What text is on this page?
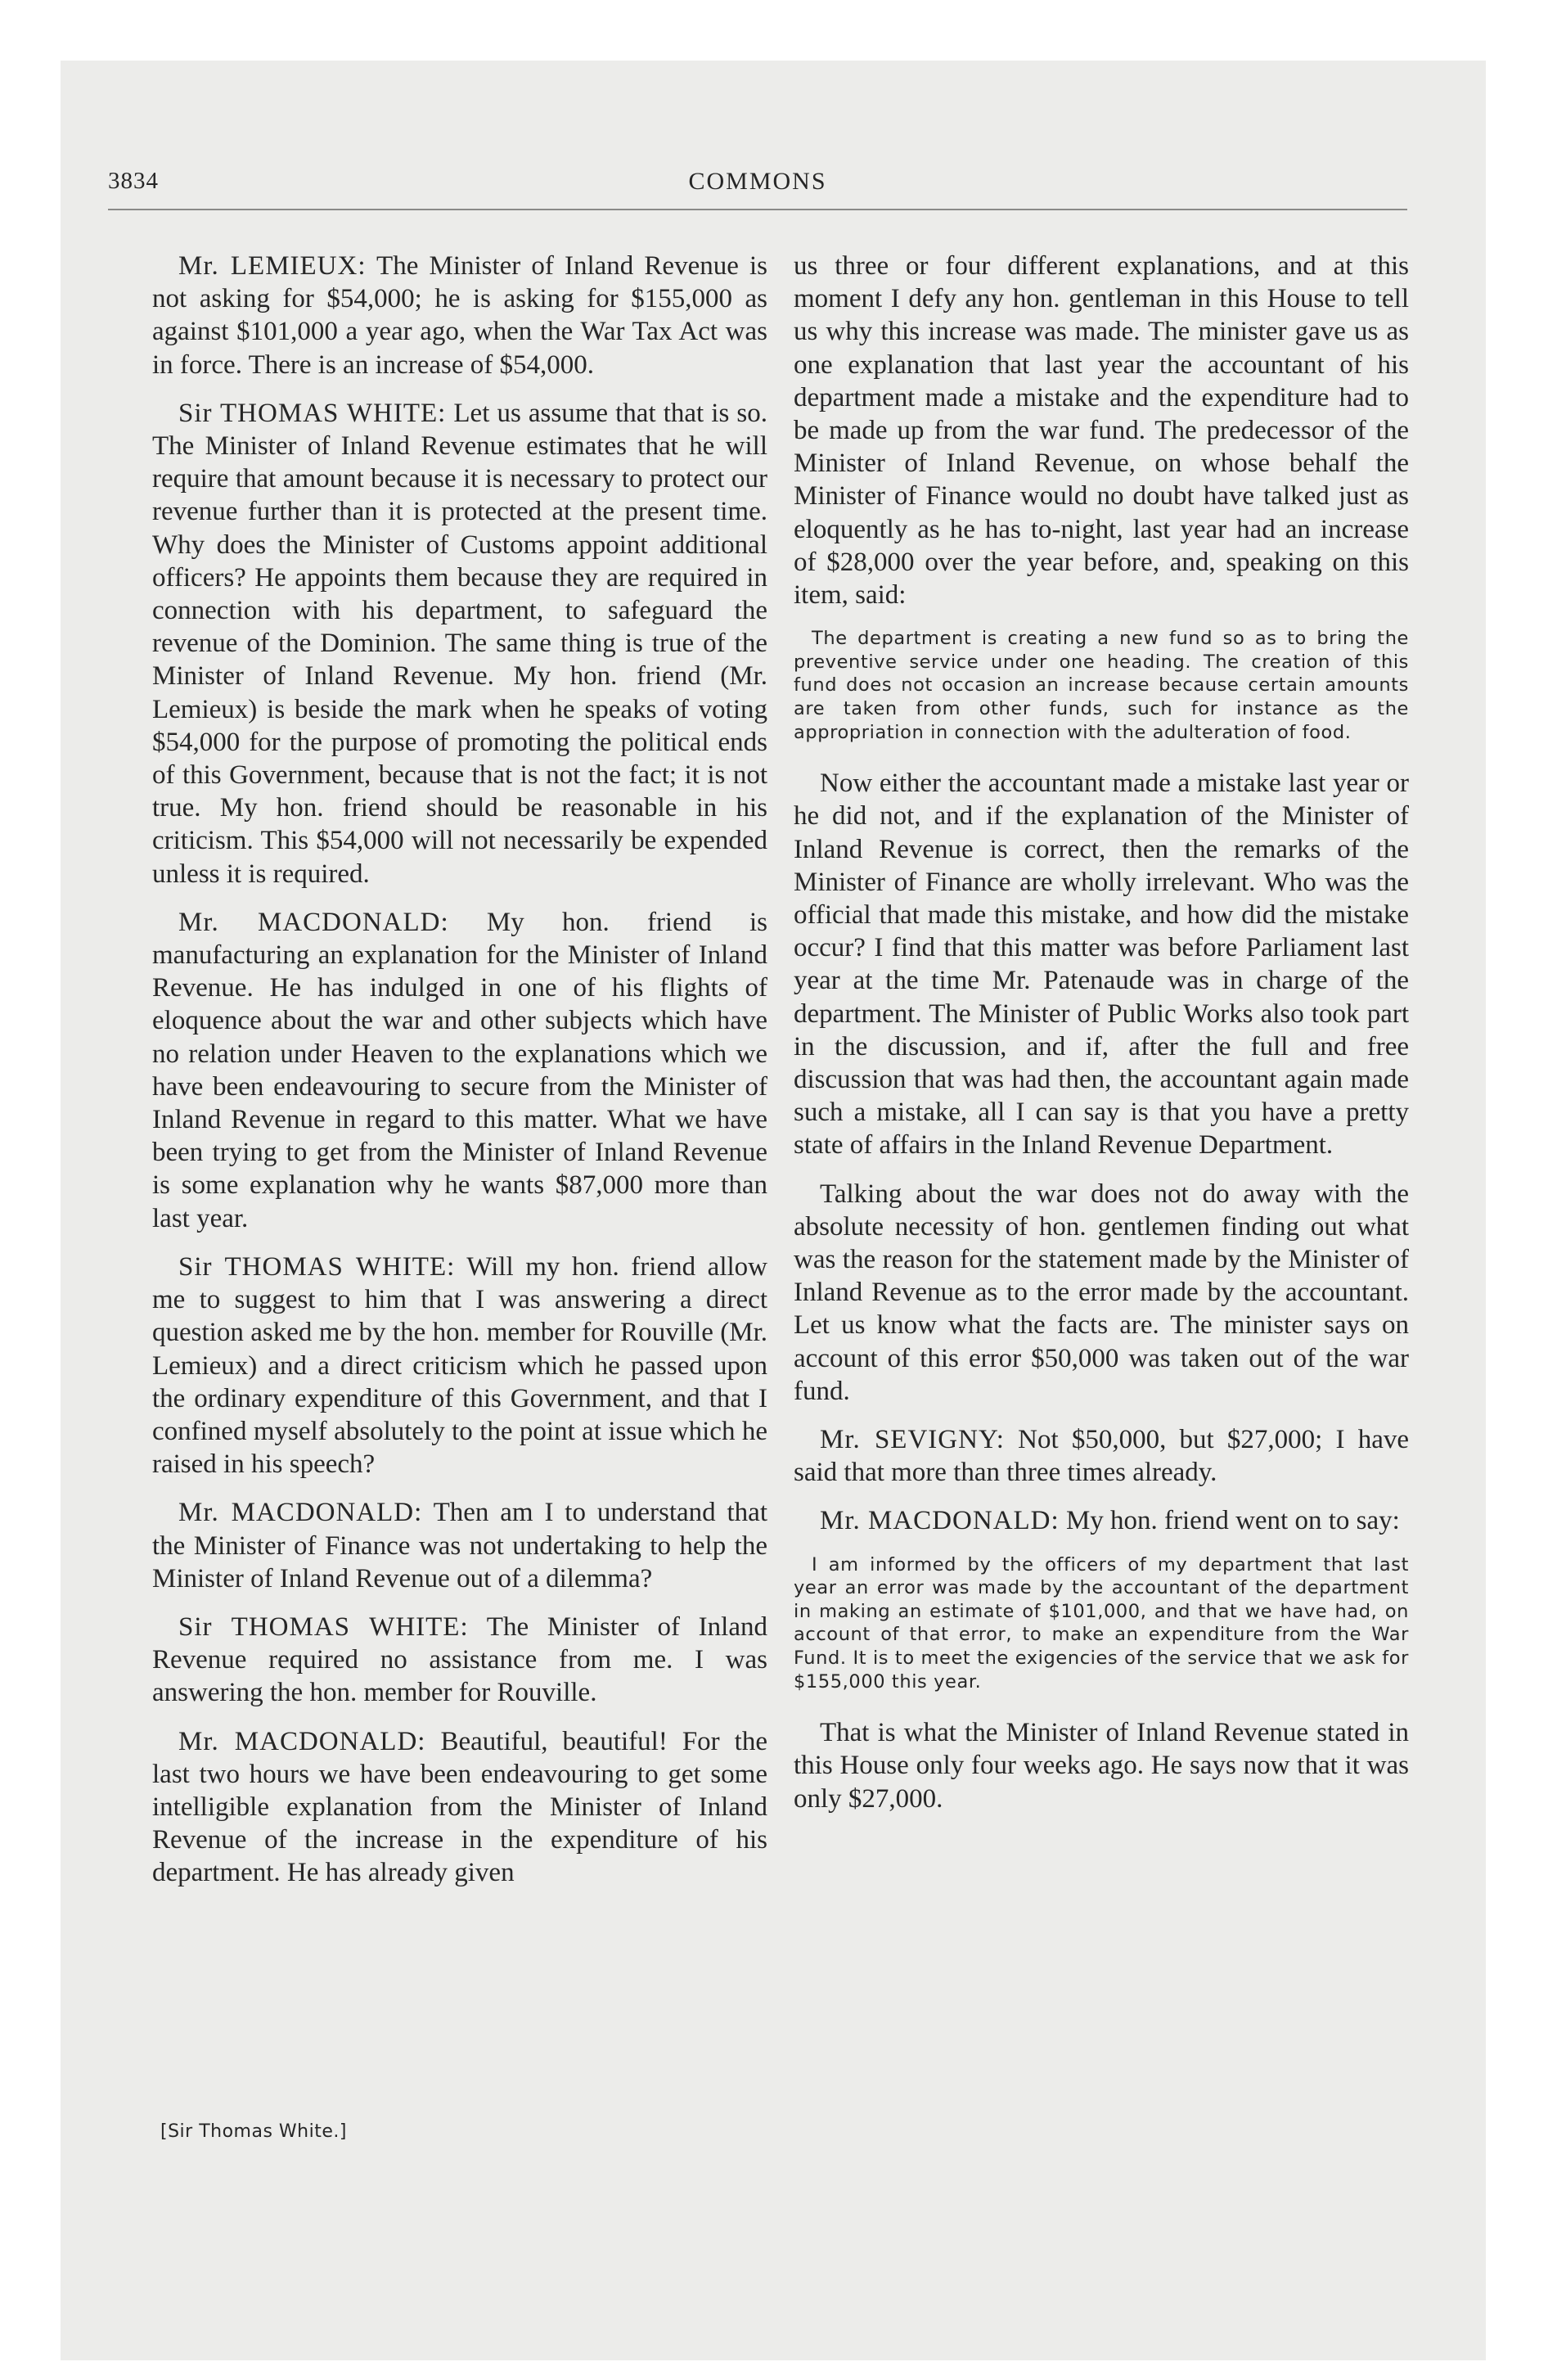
3834	COMMONS

Mr. LEMIEUX: The Minister of Inland Revenue is not asking for $54,000; he is asking for $155,000 as against $101,000 a year ago, when the War Tax Act was in force. There is an increase of $54,000.

Sir THOMAS WHITE: Let us assume that that is so. The Minister of Inland Revenue estimates that he will require that amount because it is necessary to protect our revenue further than it is protected at the present time. Why does the Minister of Customs appoint additional officers? He appoints them because they are required in connection with his department, to safeguard the revenue of the Dominion. The same thing is true of the Minister of Inland Revenue. My hon. friend (Mr. Lemieux) is beside the mark when he speaks of voting $54,000 for the purpose of promoting the political ends of this Government, because that is not the fact; it is not true. My hon. friend should be reasonable in his criticism. This $54,000 will not necessarily be expended unless it is required.

Mr. MACDONALD: My hon. friend is manufacturing an explanation for the Minister of Inland Revenue. He has indulged in one of his flights of eloquence about the war and other subjects which have no relation under Heaven to the explanations which we have been endeavouring to secure from the Minister of Inland Revenue in regard to this matter. What we have been trying to get from the Minister of Inland Revenue is some explanation why he wants $87,000 more than last year.

Sir THOMAS WHITE: Will my hon. friend allow me to suggest to him that I was answering a direct question asked me by the hon. member for Rouville (Mr. Lemieux) and a direct criticism which he passed upon the ordinary expenditure of this Government, and that I confined myself absolutely to the point at issue which he raised in his speech?

Mr. MACDONALD: Then am I to understand that the Minister of Finance was not undertaking to help the Minister of Inland Revenue out of a dilemma?

Sir THOMAS WHITE: The Minister of Inland Revenue required no assistance from me. I was answering the hon. member for Rouville.

Mr. MACDONALD: Beautiful, beautiful! For the last two hours we have been endeavouring to get some intelligible explanation from the Minister of Inland Revenue of the increase in the expenditure of his department. He has already given

us three or four different explanations, and at this moment I defy any hon. gentleman in this House to tell us why this increase was made. The minister gave us as one explanation that last year the accountant of his department made a mistake and the expenditure had to be made up from the war fund. The predecessor of the Minister of Inland Revenue, on whose behalf the Minister of Finance would no doubt have talked just as eloquently as he has to-night, last year had an increase of $28,000 over the year before, and, speaking on this item, said:

The department is creating a new fund so as to bring the preventive service under one heading. The creation of this fund does not occasion an increase because certain amounts are taken from other funds, such for instance as the appropriation in connection with the adulteration of food.

Now either the accountant made a mistake last year or he did not, and if the explanation of the Minister of Inland Revenue is correct, then the remarks of the Minister of Finance are wholly irrelevant. Who was the official that made this mistake, and how did the mistake occur? I find that this matter was before Parliament last year at the time Mr. Patenaude was in charge of the department. The Minister of Public Works also took part in the discussion, and if, after the full and free discussion that was had then, the accountant again made such a mistake, all I can say is that you have a pretty state of affairs in the Inland Revenue Department.

Talking about the war does not do away with the absolute necessity of hon. gentlemen finding out what was the reason for the statement made by the Minister of Inland Revenue as to the error made by the accountant. Let us know what the facts are. The minister says on account of this error $50,000 was taken out of the war fund.

Mr. SEVIGNY: Not $50,000, but $27,000; I have said that more than three times already.

Mr. MACDONALD: My hon. friend went on to say:

I am informed by the officers of my department that last year an error was made by the accountant of the department in making an estimate of $101,000, and that we have had, on account of that error, to make an expenditure from the War Fund. It is to meet the exigencies of the service that we ask for $155,000 this year.

That is what the Minister of Inland Revenue stated in this House only four weeks ago. He says now that it was only $27,000.

[Sir Thomas White.]
